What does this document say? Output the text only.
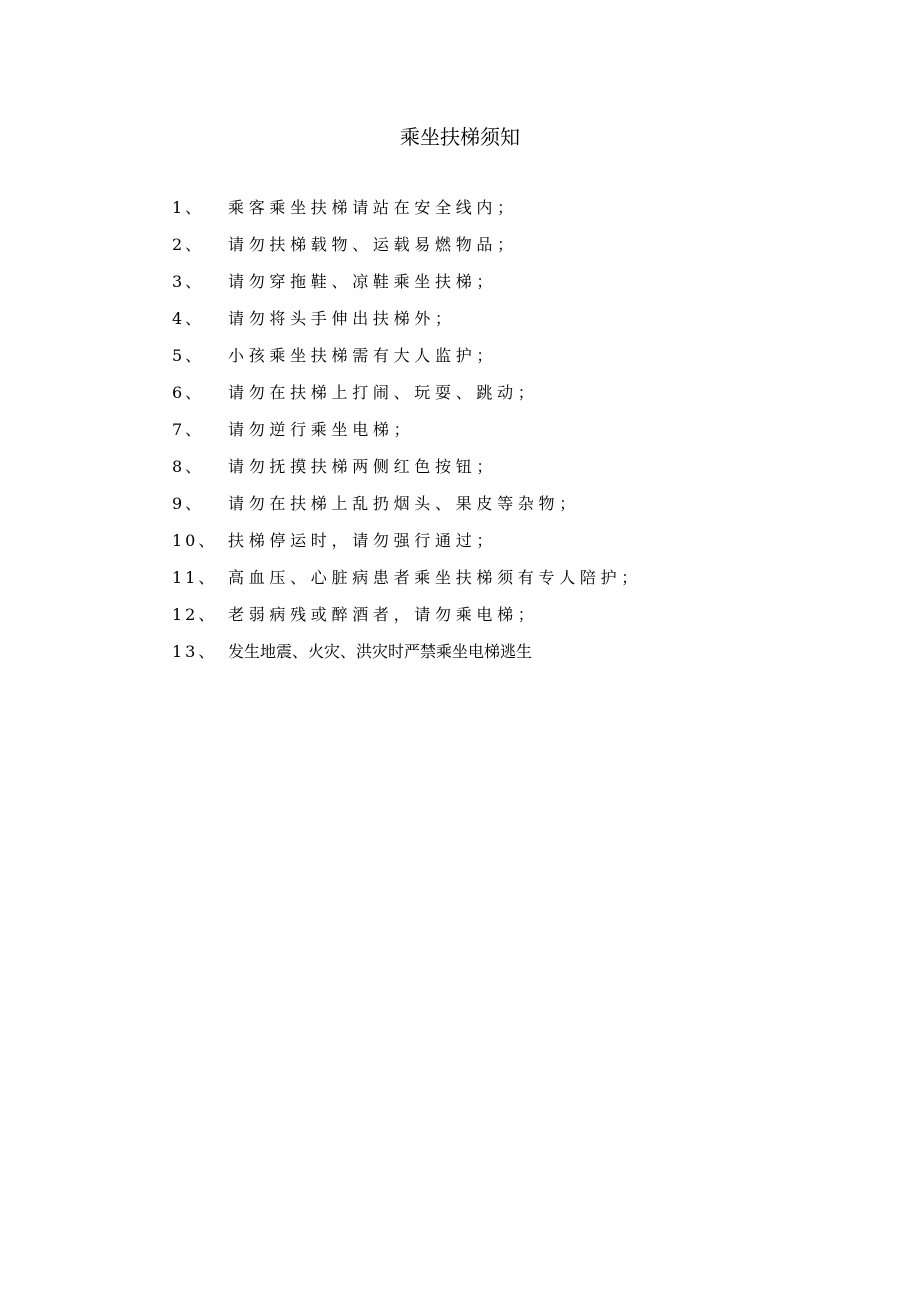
乘坐扶梯须知
1、	乘客乘坐扶梯请站在安全线内；
2、	请勿扶梯载物、运载易燃物品；
3、	请勿穿拖鞋、凉鞋乘坐扶梯；
4、	请勿将头手伸出扶梯外；
5、	小孩乘坐扶梯需有大人监护；
6、	请勿在扶梯上打闹、玩耍、跳动；
7、	请勿逆行乘坐电梯；
8、	请勿抚摸扶梯两侧红色按钮；
9、	请勿在扶梯上乱扔烟头、果皮等杂物；
10、 扶梯停运时，请勿强行通过；
11、 高血压、心脏病患者乘坐扶梯须有专人陪护；
12、 老弱病残或醉酒者，请勿乘电梯；
13、 发生地震、火灾、洪灾时严禁乘坐电梯逃生
